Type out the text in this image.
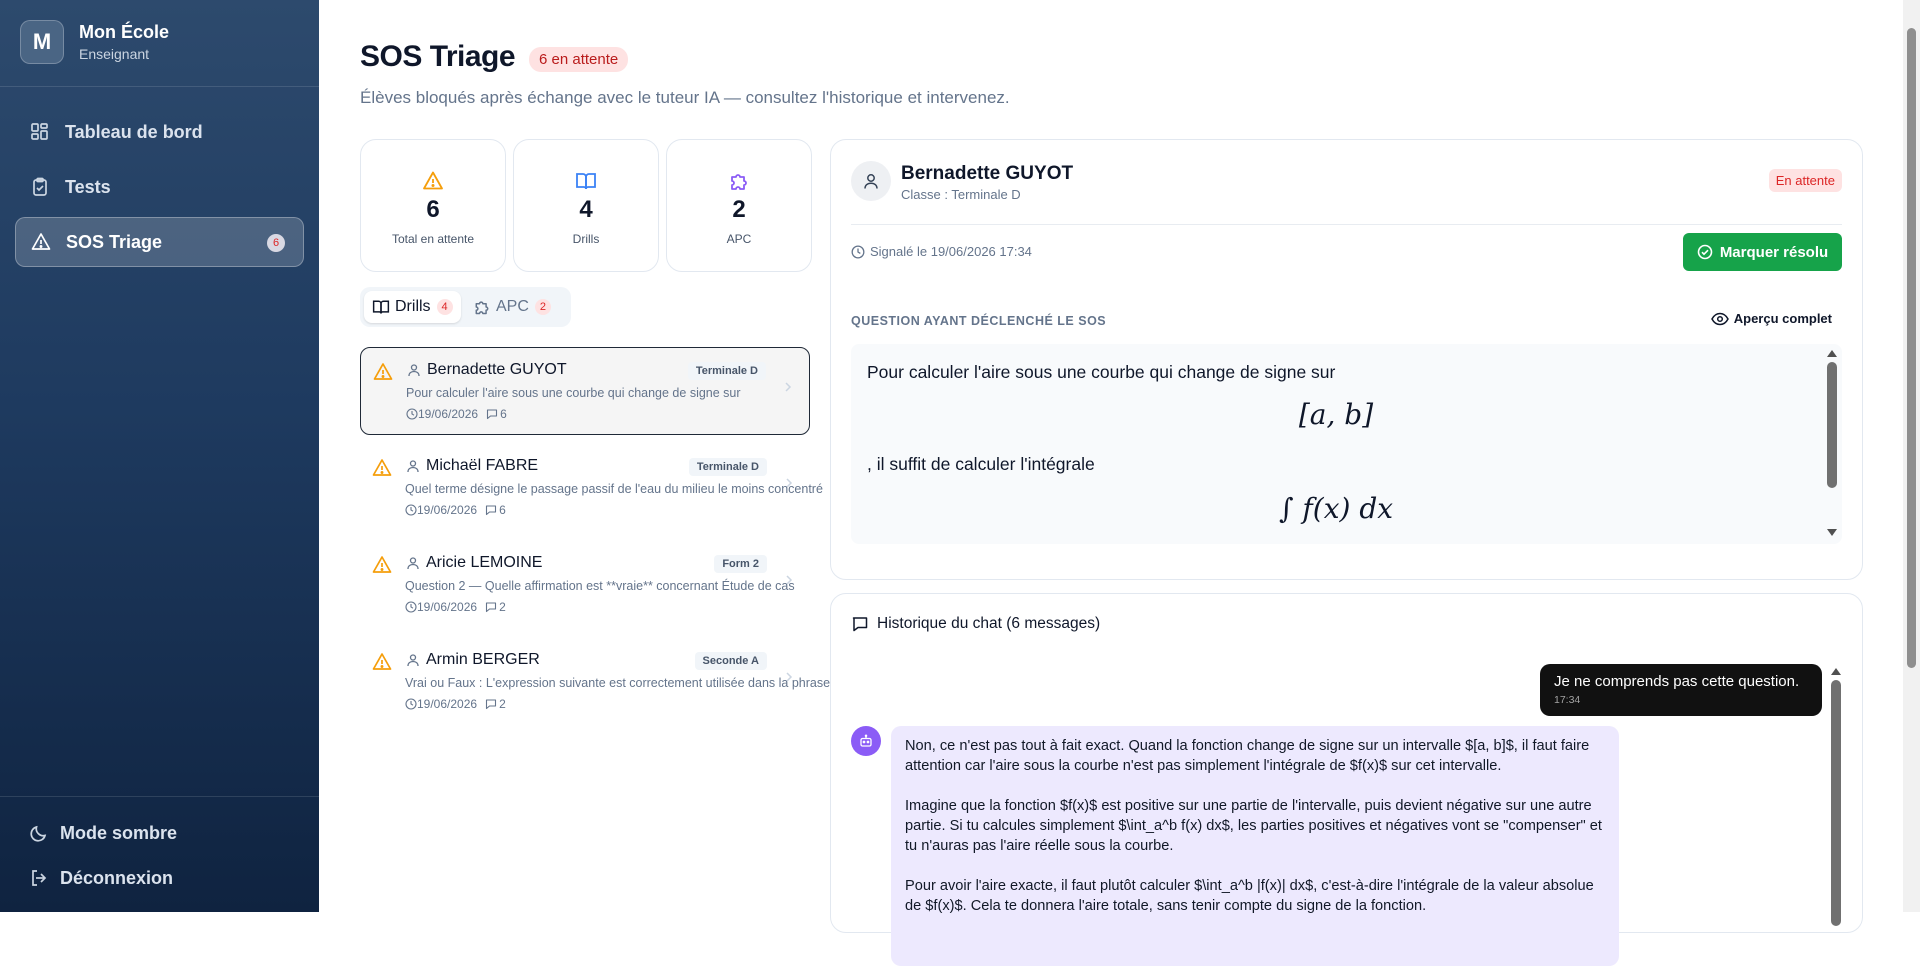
M	Mon École
Enseignant
Tableau de bord
Tests
SOS Triage	6
Mode sombre
Déconnexion
SOS Triage	6 en attente

Élèves bloqués après échange avec le tuteur IA — consultez l'historique et intervenez.

6
Total en attente
4
Drills
2
APC
Drills 4	APC 2
Bernadette GUYOT	Terminale D
Pour calculer l'aire sous une courbe qui change de signe sur
19/06/2026 6
Michaël FABRE	Terminale D
Quel terme désigne le passage passif de l'eau du milieu le moins concentré
19/06/2026 6
Aricie LEMOINE	Form 2
Question 2 — Quelle affirmation est **vraie** concernant Étude de cas
19/06/2026 2
Armin BERGER	Seconde A
Vrai ou Faux : L'expression suivante est correctement utilisée dans la phrase
19/06/2026 2
Bernadette GUYOT
Classe : Terminale D
En attente
Signalé le 19/06/2026 17:34	Marquer résolu
QUESTION AYANT DÉCLENCHÉ LE SOS	Aperçu complet
Pour calculer l'aire sous une courbe qui change de signe sur
[a, b]
, il suffit de calculer l'intégrale
∫ f(x) dx
Historique du chat (6 messages)
Je ne comprends pas cette question.
17:34

Non, ce n'est pas tout à fait exact. Quand la fonction change de signe sur un intervalle $[a, b]$, il faut faire attention car l'aire sous la courbe n'est pas simplement l'intégrale de $f(x)$ sur cet intervalle.

Imagine que la fonction $f(x)$ est positive sur une partie de l'intervalle, puis devient négative sur une autre partie. Si tu calcules simplement $\int_a^b f(x) dx$, les parties positives et négatives vont se "compenser" et tu n'auras pas l'aire réelle sous la courbe.

Pour avoir l'aire exacte, il faut plutôt calculer $\int_a^b |f(x)| dx$, c'est-à-dire l'intégrale de la valeur absolue de $f(x)$. Cela te donnera l'aire totale, sans tenir compte du signe de la fonction.
